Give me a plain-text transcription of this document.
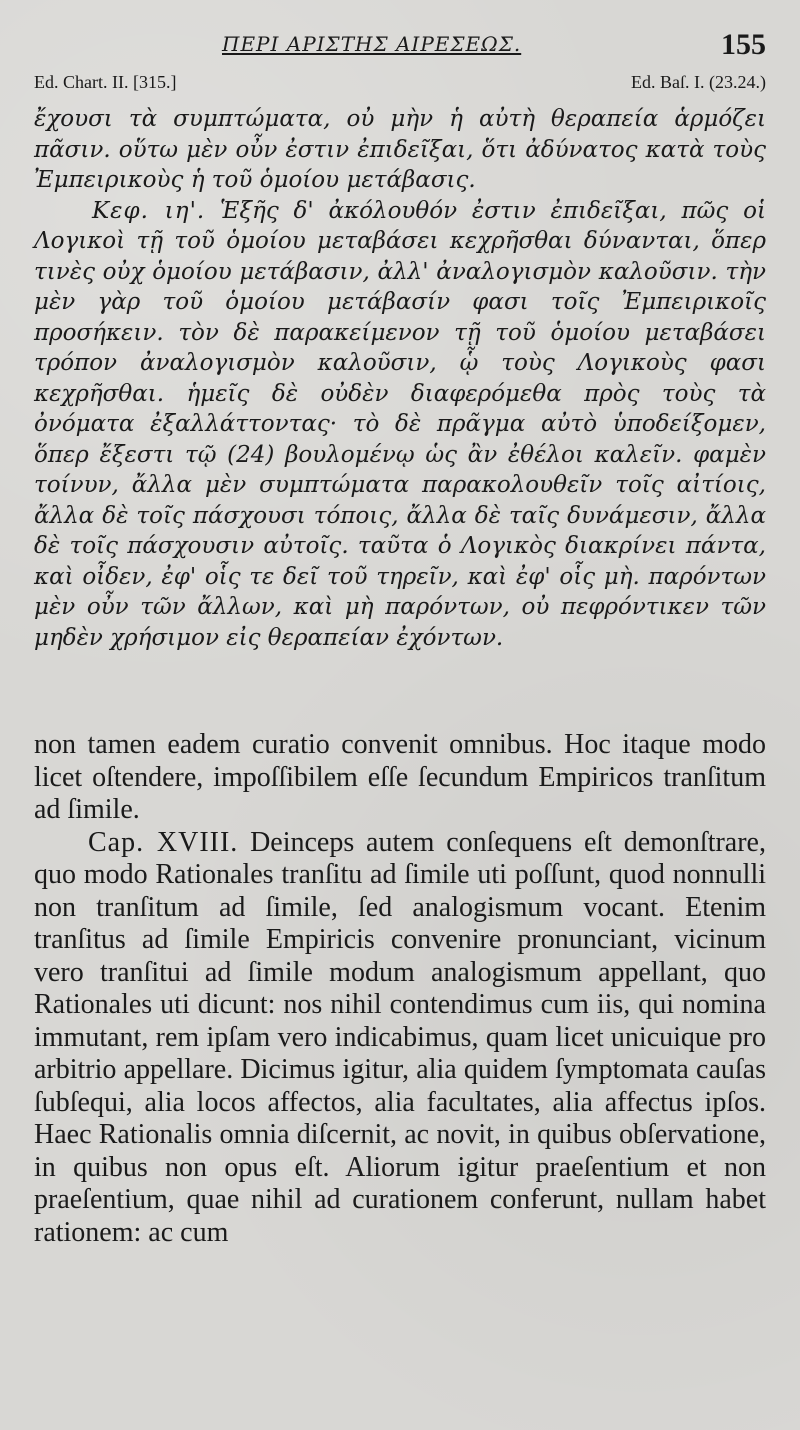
ΠΕΡΙ ΑΡΙΣΤΗΣ ΑΙΡΕΣΕΩΣ.	155
Ed. Chart. II. [315.]	Ed. Baſ. I. (23.24.)

ἔχουσι τὰ συμπτώματα, οὐ μὴν ἡ αὐτὴ θεραπεία ἁρμόζει πᾶσιν. οὕτω μὲν οὖν ἐστιν ἐπιδεῖξαι, ὅτι ἀδύνατος κατὰ τοὺς Ἐμπειρικοὺς ἡ τοῦ ὁμοίου μετάβασις.

Κεφ. ιη'. Ἑξῆς δ' ἀκόλουθόν ἐστιν ἐπιδεῖξαι, πῶς οἱ Λογικοὶ τῇ τοῦ ὁμοίου μεταβάσει κεχρῆσθαι δύνανται, ὅπερ τινὲς οὐχ ὁμοίου μετάβασιν, ἀλλ' ἀναλογισμὸν καλοῦσιν. τὴν μὲν γὰρ τοῦ ὁμοίου μετάβασίν φασι τοῖς Ἐμπειρικοῖς προσήκειν. τὸν δὲ παρακείμενον τῇ τοῦ ὁμοίου μεταβάσει τρόπον ἀναλογισμὸν καλοῦσιν, ᾧ τοὺς Λογικοὺς φασι κεχρῆσθαι. ἡμεῖς δὲ οὐδὲν διαφερόμεθα πρὸς τοὺς τὰ ὀνόματα ἐξαλλάττοντας· τὸ δὲ πρᾶγμα αὐτὸ ὑποδείξομεν, ὅπερ ἔξεστι τῷ (24) βουλομένῳ ὡς ἂν ἐθέλοι καλεῖν. φαμὲν τοίνυν, ἄλλα μὲν συμπτώματα παρακολουθεῖν τοῖς αἰτίοις, ἄλλα δὲ τοῖς πάσχουσι τόποις, ἄλλα δὲ ταῖς δυνάμεσιν, ἄλλα δὲ τοῖς πάσχουσιν αὐτοῖς. ταῦτα ὁ Λογικὸς διακρίνει πάντα, καὶ οἶδεν, ἐφ' οἷς τε δεῖ τοῦ τηρεῖν, καὶ ἐφ' οἷς μὴ. παρόντων μὲν οὖν τῶν ἄλλων, καὶ μὴ παρόντων, οὐ πεφρόντικεν τῶν μηδὲν χρήσιμον εἰς θεραπείαν ἐχόντων.

non tamen eadem curatio convenit omnibus. Hoc itaque modo licet oſtendere, impoſſibilem eſſe ſecundum Empiricos tranſitum ad ſimile.

Cap. XVIII. Deinceps autem conſequens eſt demonſtrare, quo modo Rationales tranſitu ad ſimile uti poſſunt, quod nonnulli non tranſitum ad ſimile, ſed analogismum vocant. Etenim tranſitus ad ſimile Empiricis convenire pronunciant, vicinum vero tranſitui ad ſimile modum analogismum appellant, quo Rationales uti dicunt: nos nihil contendimus cum iis, qui nomina immutant, rem ipſam vero indicabimus, quam licet unicuique pro arbitrio appellare. Dicimus igitur, alia quidem ſymptomata cauſas ſubſequi, alia locos affectos, alia facultates, alia affectus ipſos. Haec Rationalis omnia diſcernit, ac novit, in quibus obſervatione, in quibus non opus eſt. Aliorum igitur praeſentium et non praeſentium, quae nihil ad curationem conferunt, nullam habet rationem: ac cum
